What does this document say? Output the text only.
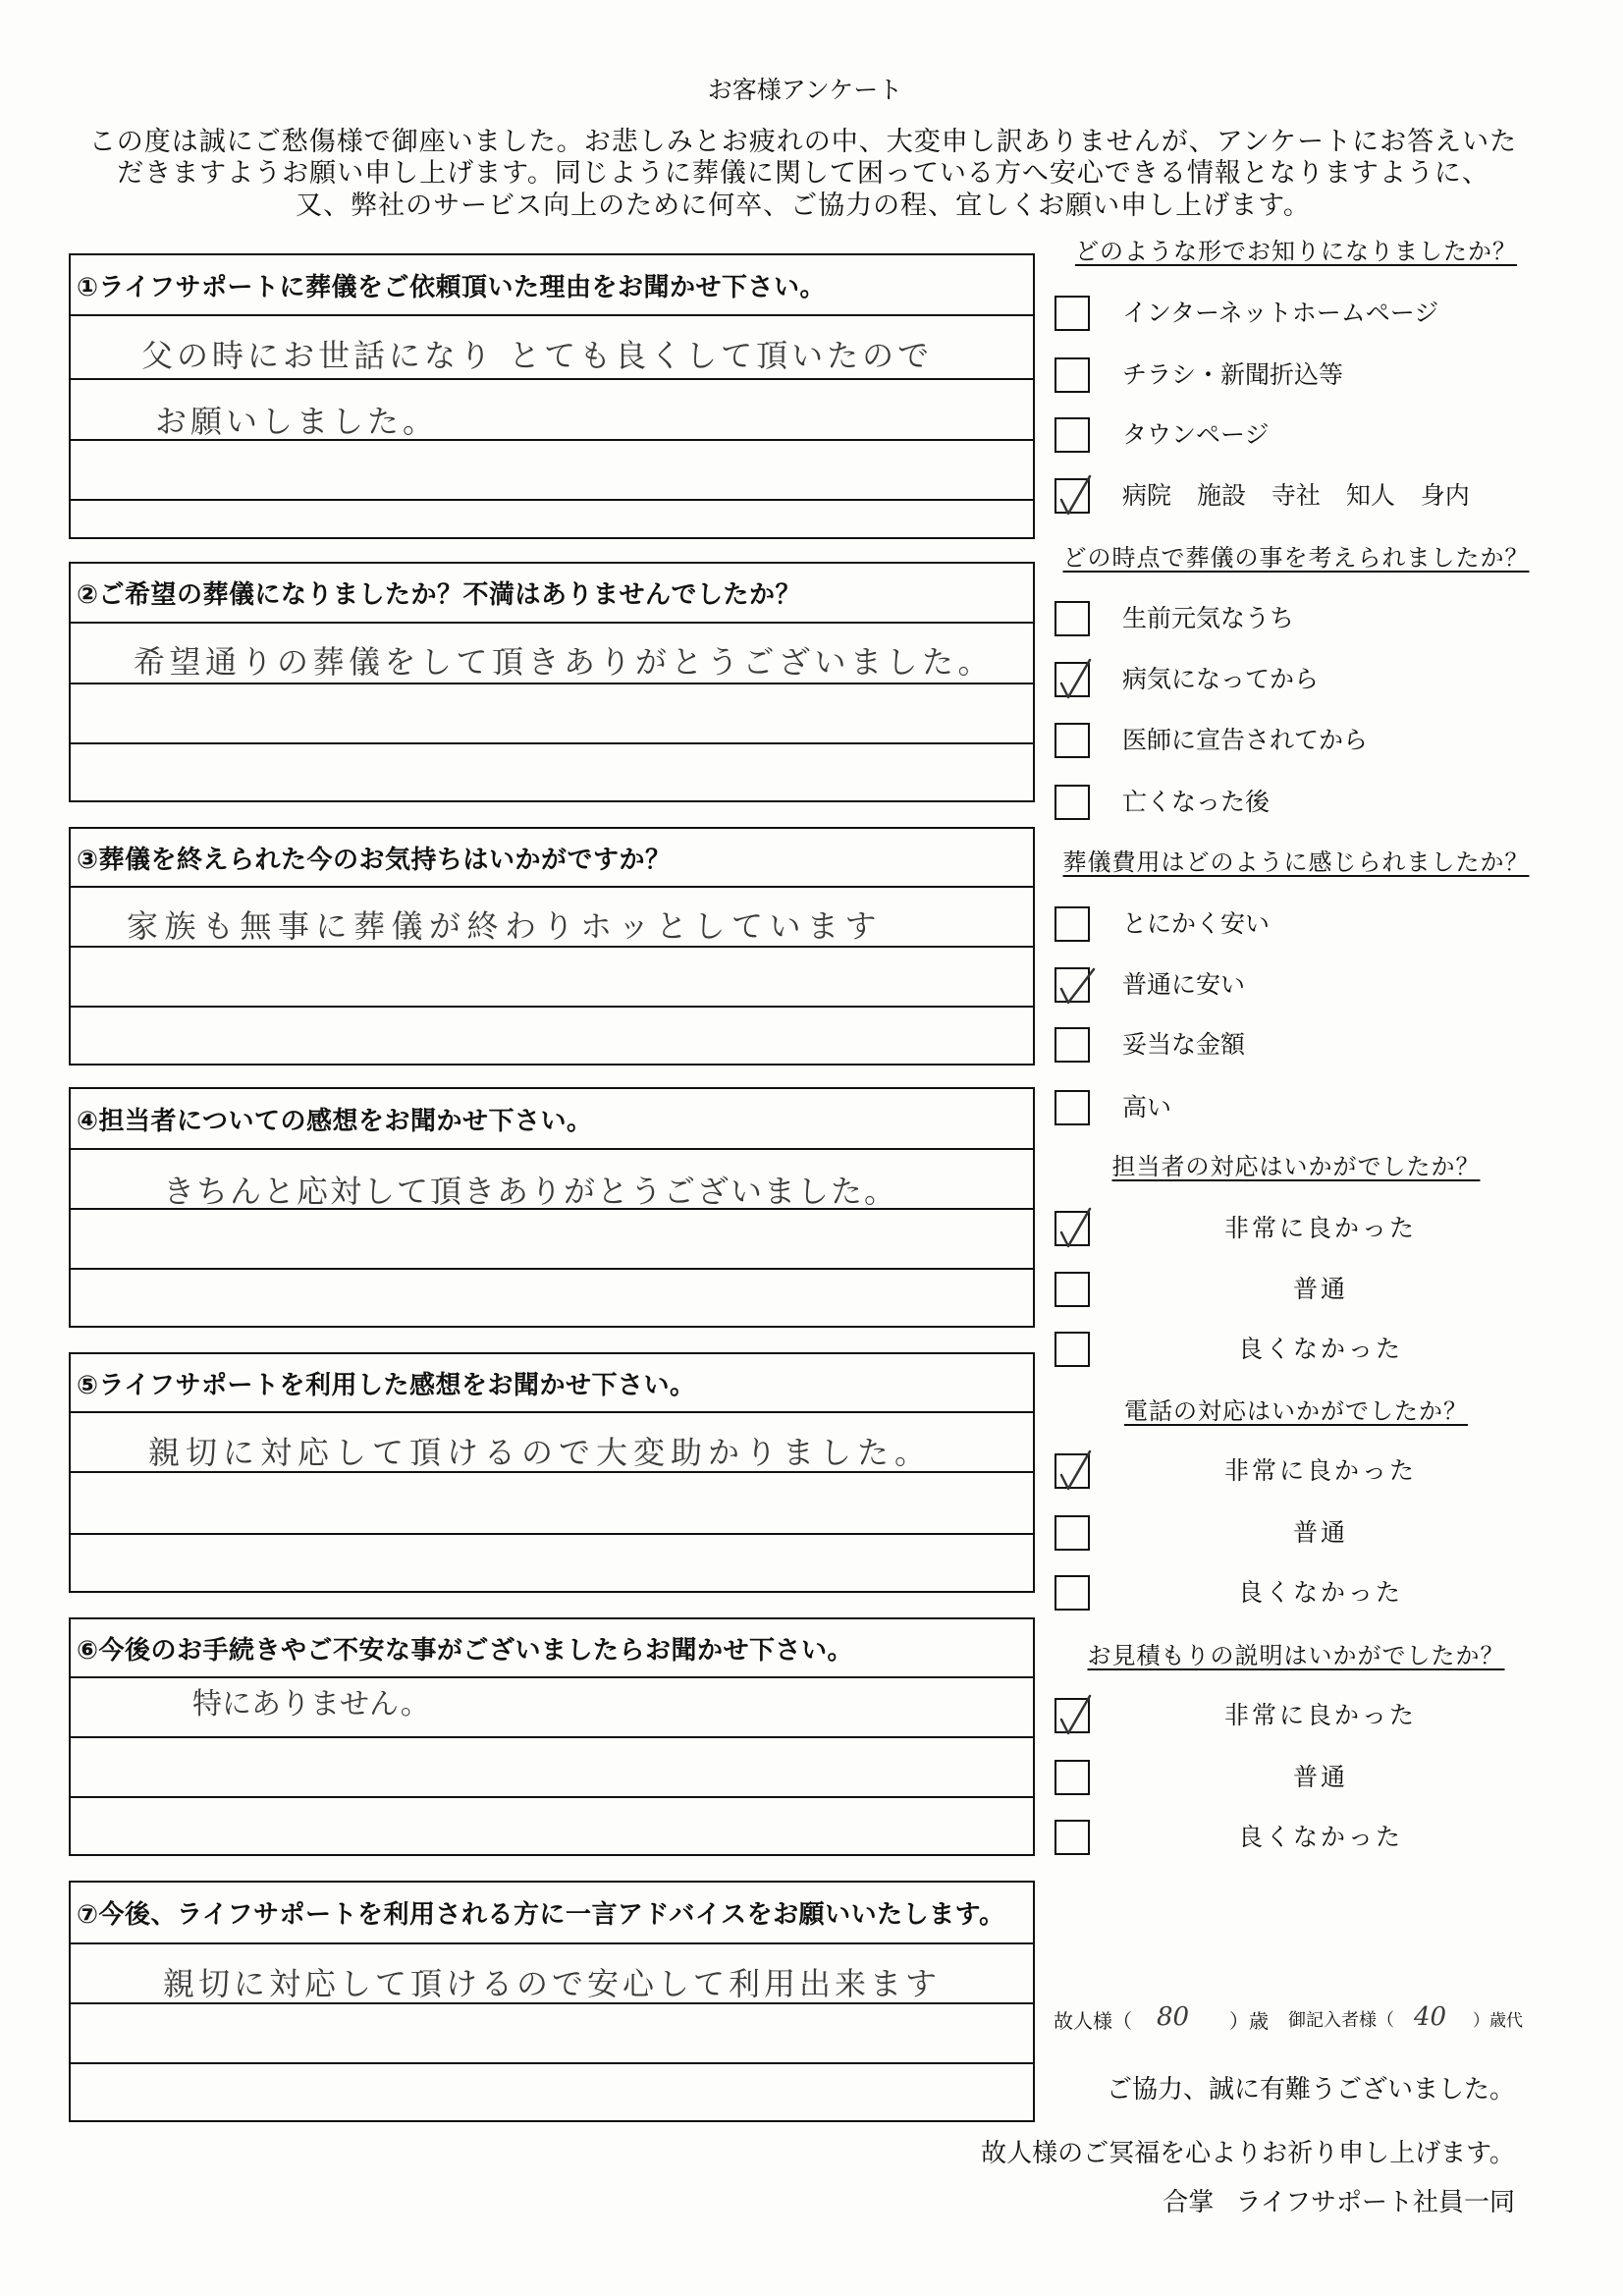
お客様アンケート
この度は誠にご愁傷様で御座いました。お悲しみとお疲れの中、大変申し訳ありませんが、アンケートにお答えいた
だきますようお願い申し上げます。同じように葬儀に関して困っている方へ安心できる情報となりますように、
又、弊社のサービス向上のために何卒、ご協力の程、宜しくお願い申し上げます。
①ライフサポートに葬儀をご依頼頂いた理由をお聞かせ下さい。
父の時にお世話になり とても良くして頂いたので
お願いしました。
②ご希望の葬儀になりましたか？不満はありませんでしたか？
希望通りの葬儀をして頂きありがとうございました。
③葬儀を終えられた今のお気持ちはいかがですか？
家族も無事に葬儀が終わりホッとしています
④担当者についての感想をお聞かせ下さい。
きちんと応対して頂きありがとうございました。
⑤ライフサポートを利用した感想をお聞かせ下さい。
親切に対応して頂けるので大変助かりました。
⑥今後のお手続きやご不安な事がございましたらお聞かせ下さい。
特にありません。
⑦今後、ライフサポートを利用される方に一言アドバイスをお願いいたします。
親切に対応して頂けるので安心して利用出来ます
どのような形でお知りになりましたか？
インターネットホームページ
チラシ・新聞折込等
タウンページ
病院 施設 寺社 知人 身内
どの時点で葬儀の事を考えられましたか？
生前元気なうち
病気になってから
医師に宣告されてから
亡くなった後
葬儀費用はどのように感じられましたか？
とにかく安い
普通に安い
妥当な金額
高い
担当者の対応はいかがでしたか？
非常に良かった
普通
良くなかった
電話の対応はいかがでしたか？
非常に良かった
普通
良くなかった
お見積もりの説明はいかがでしたか？
非常に良かった
普通
良くなかった
故人様（ 80 ）歳 御記入者様（ 40 ）歳代
ご協力、誠に有難うございました。
故人様のご冥福を心よりお祈り申し上げます。
合掌 ライフサポート社員一同
